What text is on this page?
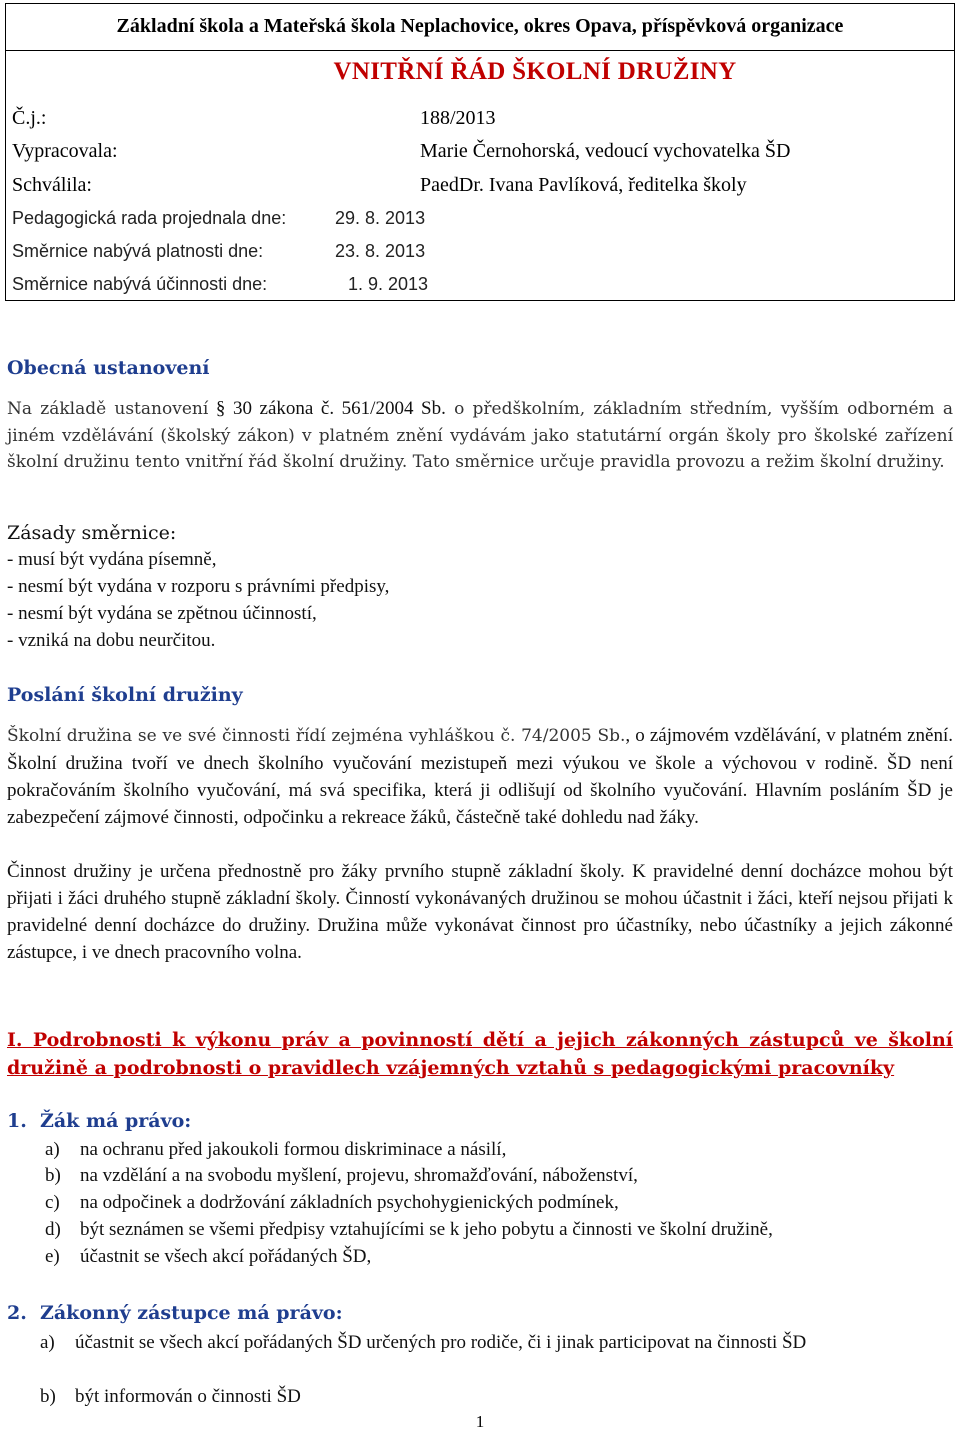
Základní škola a Mateřská škola Neplachovice, okres Opava, příspěvková organizace
VNITŘNÍ ŘÁD ŠKOLNÍ DRUŽINY
Č.j.:	188/2013
Vypracovala:	Marie Černohorská, vedoucí vychovatelka ŠD
Schválila:	PaedDr. Ivana Pavlíková, ředitelka školy
Pedagogická rada projednala dne:	29. 8. 2013
Směrnice nabývá platnosti dne:	23. 8. 2013
Směrnice nabývá účinnosti dne:	1. 9. 2013
Obecná ustanovení
Na základě ustanovení § 30 zákona č. 561/2004 Sb. o předškolním, základním středním, vyšším odborném a jiném vzdělávání (školský zákon) v platném znění vydávám jako statutární orgán školy pro školské zařízení školní družinu tento vnitřní řád školní družiny. Tato směrnice určuje pravidla provozu a režim školní družiny.
Zásady směrnice:
- musí být vydána písemně,
- nesmí být vydána v rozporu s právními předpisy,
- nesmí být vydána se zpětnou účinností,
- vzniká na dobu neurčitou.
Poslání školní družiny
Školní družina se ve své činnosti řídí zejména vyhláškou č. 74/2005 Sb., o zájmovém vzdělávání, v platném znění. Školní družina tvoří ve dnech školního vyučování mezistupeň mezi výukou ve škole a výchovou v rodině. ŠD není pokračováním školního vyučování, má svá specifika, která ji odlišují od školního vyučování. Hlavním posláním ŠD je zabezpečení zájmové činnosti, odpočinku a rekreace žáků, částečně také dohledu nad žáky.
Činnost družiny je určena přednostně pro žáky prvního stupně základní školy. K pravidelné denní docházce mohou být přijati i žáci druhého stupně základní školy. Činností vykonávaných družinou se mohou účastnit i žáci, kteří nejsou přijati k pravidelné denní docházce do družiny. Družina může vykonávat činnost pro účastníky, nebo účastníky a jejich zákonné zástupce, i ve dnech pracovního volna.
I. Podrobnosti k výkonu práv a povinností dětí a jejich zákonných zástupců ve školní družině a podrobnosti o pravidlech vzájemných vztahů s pedagogickými pracovníky
1. Žák má právo:
a) na ochranu před jakoukoli formou diskriminace a násilí,
b) na vzdělání a na svobodu myšlení, projevu, shromažďování, náboženství,
c) na odpočinek a dodržování základních psychohygienických podmínek,
d) být seznámen se všemi předpisy vztahujícími se k jeho pobytu a činnosti ve školní družině,
e) účastnit se všech akcí pořádaných ŠD,
2. Zákonný zástupce má právo:
a) účastnit se všech akcí pořádaných ŠD určených pro rodiče, či i jinak participovat na činnosti ŠD
b) být informován o činnosti ŠD
1
